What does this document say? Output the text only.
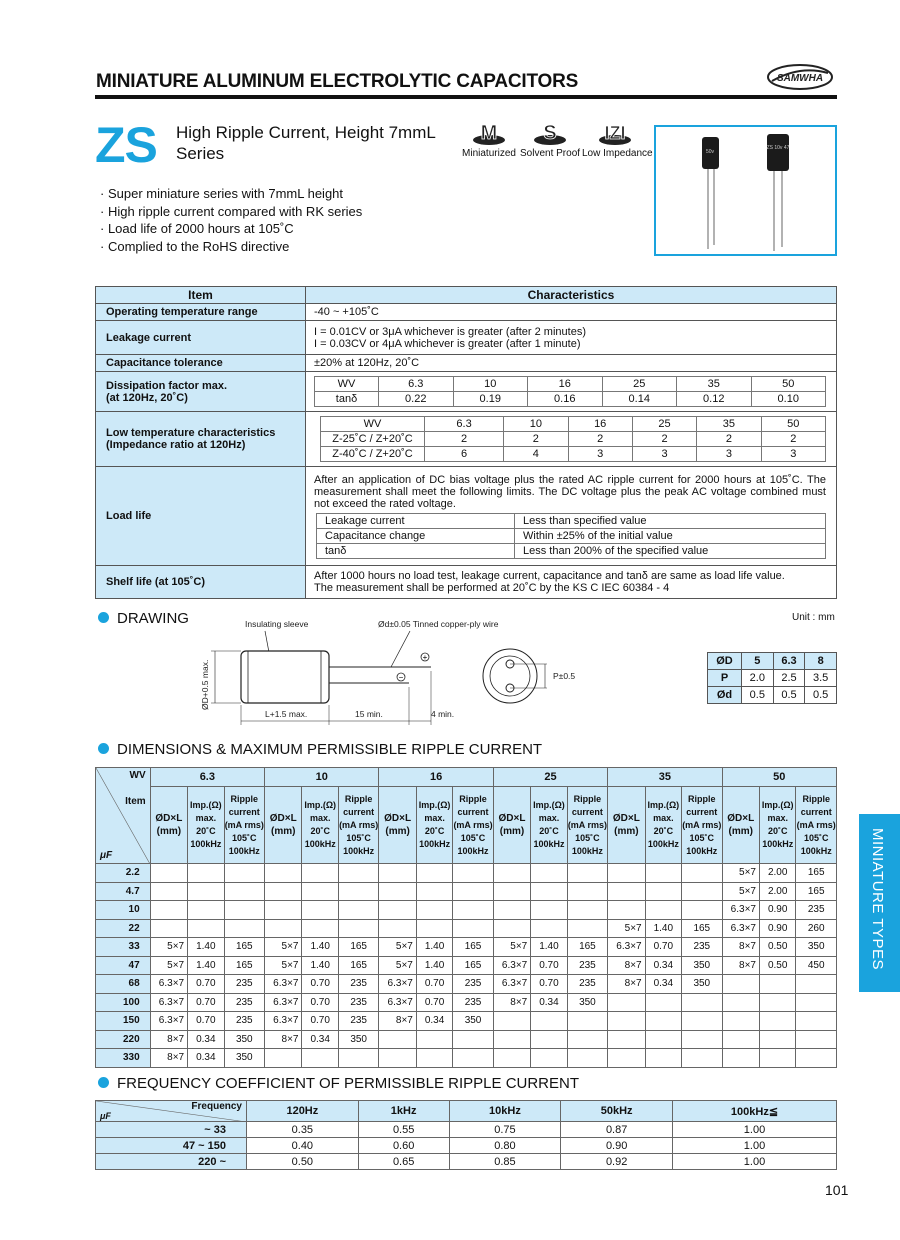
MINIATURE ALUMINUM ELECTROLYTIC CAPACITORS	SAMWHA
ZS High Ripple Current, Height 7mmL
Series
M
Miniaturized
S
Solvent Proof
IZI
Low Impedance	50v
ZS 10v 47
· Super miniature series with 7mmL height
· High ripple current compared with RK series
· Load life of 2000 hours at 105˚C
· Complied to the RoHS directive
Item	Characteristics
Operating temperature range	-40 ~ +105˚C
Leakage current	I = 0.01CV or 3μA whichever is greater (after 2 minutes)
I = 0.03CV or 4μA whichever is greater (after 1 minute)

Capacitance tolerance	±20% at 120Hz, 20˚C

Dissipation factor max.
(at 120Hz, 20˚C)

WV	6.3	10	16	25	35	50
tanδ	0.22	0.19	0.16	0.14	0.12	0.10

Low temperature characteristics
(Impedance ratio at 120Hz)

WV	6.3	10	16	25	35	50
Z-25˚C / Z+20˚C	2	2	2	2	2	2
Z-40˚C / Z+20˚C	6	4	3	3	3	3

Load life	
After an application of DC bias voltage plus the rated AC ripple current for 2000 hours at 105˚C. The measurement shall meet the following limits. The DC voltage plus the peak AC voltage combined must not exceed the rated voltage.
Leakage current	Less than specified value
Capacitance change	Within ±25% of the initial value
tanδ	Less than 200% of the specified value

Shelf life (at 105˚C)	After 1000 hours no load test, leakage current, capacitance and tanδ are same as load life value.
The measurement shall be performed at 20˚C by the KS C IEC 60384 - 4
DRAWING	Unit : mm
Insulating sleeve	Ød±0.05 Tinned copper-ply wire
ØD+0.5 max.
L+1.5 max.	15 min.	4 min.
P±0.5
+
−
ØD	5	6.3	8
P	2.0	2.5	3.5
Ød	0.5	0.5	0.5
DIMENSIONS & MAXIMUM PERMISSIBLE RIPPLE CURRENT
WV
Item
μF	6.3			10			16			25			35			50		
	ØD×L (mm)	Imp.(Ω) max. 20˚C 100kHz	Ripple current (mA rms) 105˚C 100kHz	ØD×L (mm)	Imp.(Ω) max. 20˚C 100kHz	Ripple current (mA rms) 105˚C 100kHz	ØD×L (mm)	Imp.(Ω) max. 20˚C 100kHz	Ripple current (mA rms) 105˚C 100kHz	ØD×L (mm)	Imp.(Ω) max. 20˚C 100kHz	Ripple current (mA rms) 105˚C 100kHz	ØD×L (mm)	Imp.(Ω) max. 20˚C 100kHz	Ripple current (mA rms) 105˚C 100kHz	ØD×L (mm)	Imp.(Ω) max. 20˚C 100kHz	Ripple current (mA rms) 105˚C 100kHz
2.2																5×7	2.00	165
4.7																5×7	2.00	165
10																6.3×7	0.90	235
22													5×7	1.40	165	6.3×7	0.90	260
33	5×7	1.40	165	5×7	1.40	165	5×7	1.40	165	5×7	1.40	165	6.3×7	0.70	235	8×7	0.50	350
47	5×7	1.40	165	5×7	1.40	165	5×7	1.40	165	6.3×7	0.70	235	8×7	0.34	350	8×7	0.50	450
68	6.3×7	0.70	235	6.3×7	0.70	235	6.3×7	0.70	235	6.3×7	0.70	235	8×7	0.34	350			
100	6.3×7	0.70	235	6.3×7	0.70	235	6.3×7	0.70	235	8×7	0.34	350						
150	6.3×7	0.70	235	6.3×7	0.70	235	8×7	0.34	350									
220	8×7	0.34	350	8×7	0.34	350												
330	8×7	0.34	350															
FREQUENCY COEFFICIENT OF PERMISSIBLE RIPPLE CURRENT
Frequency
μF	120Hz	1kHz	10kHz	50kHz	100kHz≦
~ 33	0.35	0.55	0.75	0.87	1.00
47 ~ 150	0.40	0.60	0.80	0.90	1.00
220 ~	0.50	0.65	0.85	0.92	1.00
MINIATURE TYPES
101
